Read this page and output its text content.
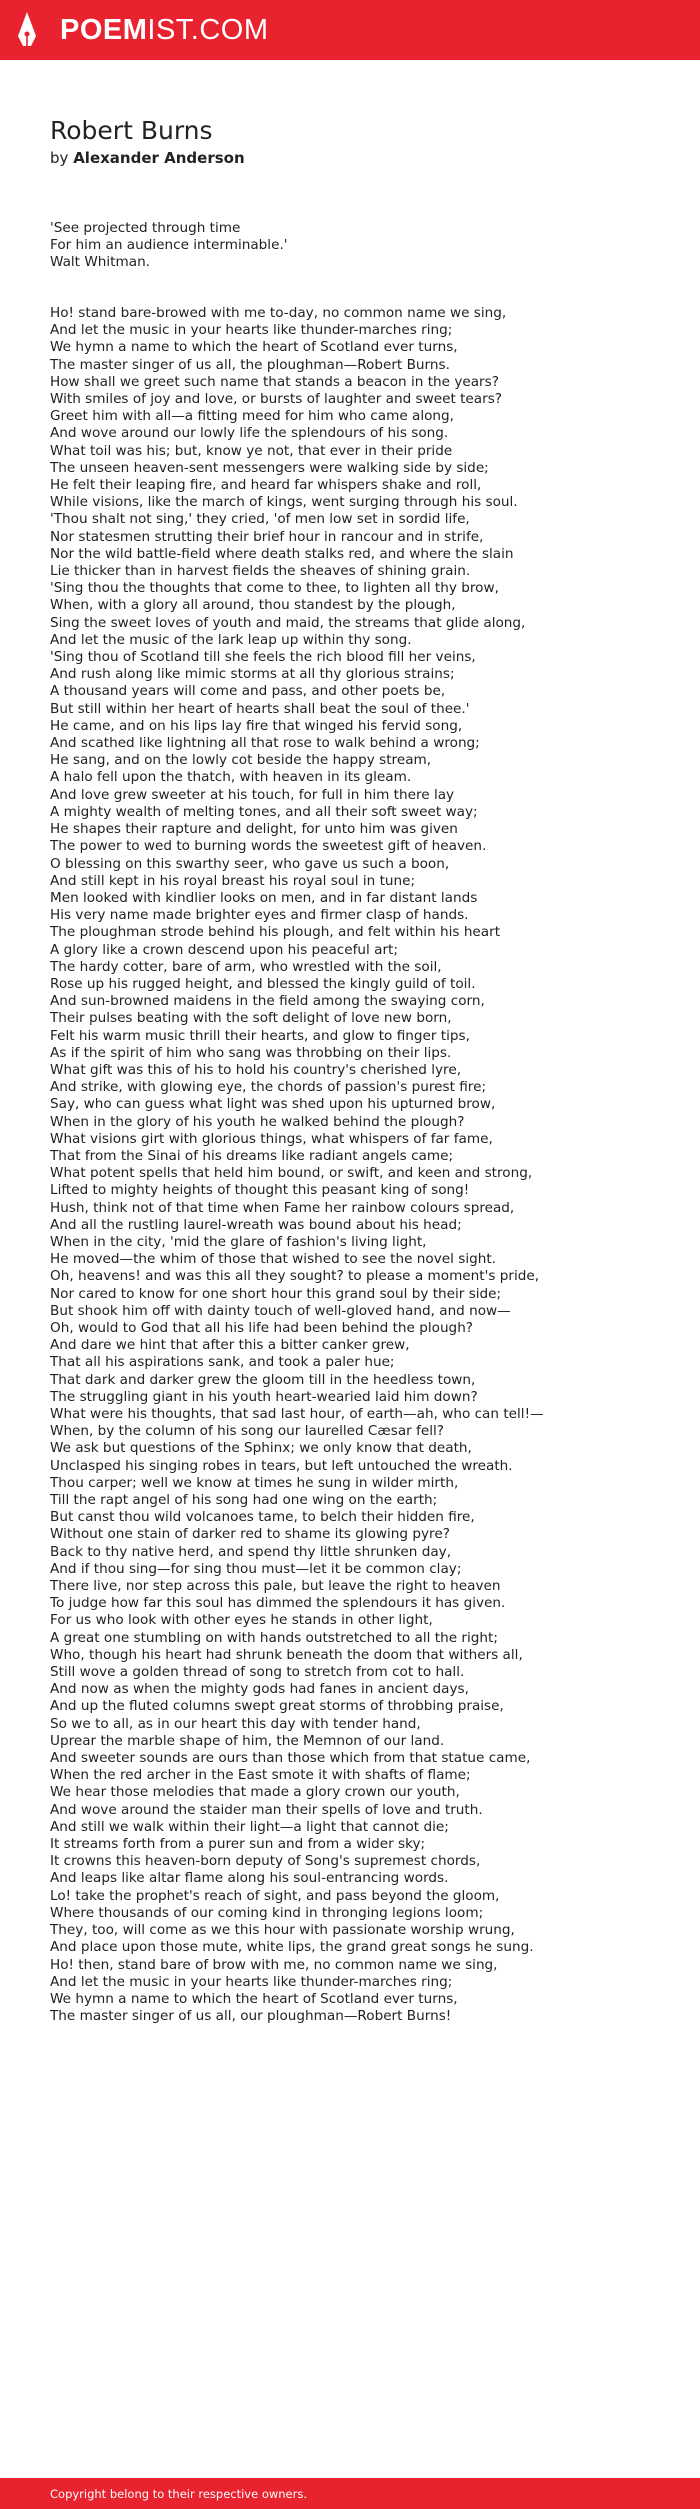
POEMIST.COM
Robert Burns

by Alexander Anderson

'See projected through time
For him an audience interminable.'
Walt Whitman.
Ho! stand bare-browed with me to-day, no common name we sing,
And let the music in your hearts like thunder-marches ring;
We hymn a name to which the heart of Scotland ever turns,
The master singer of us all, the ploughman—Robert Burns.
How shall we greet such name that stands a beacon in the years?
With smiles of joy and love, or bursts of laughter and sweet tears?
Greet him with all—a fitting meed for him who came along,
And wove around our lowly life the splendours of his song.
What toil was his; but, know ye not, that ever in their pride
The unseen heaven-sent messengers were walking side by side;
He felt their leaping fire, and heard far whispers shake and roll,
While visions, like the march of kings, went surging through his soul.
'Thou shalt not sing,' they cried, 'of men low set in sordid life,
Nor statesmen strutting their brief hour in rancour and in strife,
Nor the wild battle-field where death stalks red, and where the slain
Lie thicker than in harvest fields the sheaves of shining grain.
'Sing thou the thoughts that come to thee, to lighten all thy brow,
When, with a glory all around, thou standest by the plough,
Sing the sweet loves of youth and maid, the streams that glide along,
And let the music of the lark leap up within thy song.
'Sing thou of Scotland till she feels the rich blood fill her veins,
And rush along like mimic storms at all thy glorious strains;
A thousand years will come and pass, and other poets be,
But still within her heart of hearts shall beat the soul of thee.'
He came, and on his lips lay fire that winged his fervid song,
And scathed like lightning all that rose to walk behind a wrong;
He sang, and on the lowly cot beside the happy stream,
A halo fell upon the thatch, with heaven in its gleam.
And love grew sweeter at his touch, for full in him there lay
A mighty wealth of melting tones, and all their soft sweet way;
He shapes their rapture and delight, for unto him was given
The power to wed to burning words the sweetest gift of heaven.
O blessing on this swarthy seer, who gave us such a boon,
And still kept in his royal breast his royal soul in tune;
Men looked with kindlier looks on men, and in far distant lands
His very name made brighter eyes and firmer clasp of hands.
The ploughman strode behind his plough, and felt within his heart
A glory like a crown descend upon his peaceful art;
The hardy cotter, bare of arm, who wrestled with the soil,
Rose up his rugged height, and blessed the kingly guild of toil.
And sun-browned maidens in the field among the swaying corn,
Their pulses beating with the soft delight of love new born,
Felt his warm music thrill their hearts, and glow to finger tips,
As if the spirit of him who sang was throbbing on their lips.
What gift was this of his to hold his country's cherished lyre,
And strike, with glowing eye, the chords of passion's purest fire;
Say, who can guess what light was shed upon his upturned brow,
When in the glory of his youth he walked behind the plough?
What visions girt with glorious things, what whispers of far fame,
That from the Sinai of his dreams like radiant angels came;
What potent spells that held him bound, or swift, and keen and strong,
Lifted to mighty heights of thought this peasant king of song!
Hush, think not of that time when Fame her rainbow colours spread,
And all the rustling laurel-wreath was bound about his head;
When in the city, 'mid the glare of fashion's living light,
He moved—the whim of those that wished to see the novel sight.
Oh, heavens! and was this all they sought? to please a moment's pride,
Nor cared to know for one short hour this grand soul by their side;
But shook him off with dainty touch of well-gloved hand, and now—
Oh, would to God that all his life had been behind the plough?
And dare we hint that after this a bitter canker grew,
That all his aspirations sank, and took a paler hue;
That dark and darker grew the gloom till in the heedless town,
The struggling giant in his youth heart-wearied laid him down?
What were his thoughts, that sad last hour, of earth—ah, who can tell!—
When, by the column of his song our laurelled Cæsar fell?
We ask but questions of the Sphinx; we only know that death,
Unclasped his singing robes in tears, but left untouched the wreath.
Thou carper; well we know at times he sung in wilder mirth,
Till the rapt angel of his song had one wing on the earth;
But canst thou wild volcanoes tame, to belch their hidden fire,
Without one stain of darker red to shame its glowing pyre?
Back to thy native herd, and spend thy little shrunken day,
And if thou sing—for sing thou must—let it be common clay;
There live, nor step across this pale, but leave the right to heaven
To judge how far this soul has dimmed the splendours it has given.
For us who look with other eyes he stands in other light,
A great one stumbling on with hands outstretched to all the right;
Who, though his heart had shrunk beneath the doom that withers all,
Still wove a golden thread of song to stretch from cot to hall.
And now as when the mighty gods had fanes in ancient days,
And up the fluted columns swept great storms of throbbing praise,
So we to all, as in our heart this day with tender hand,
Uprear the marble shape of him, the Memnon of our land.
And sweeter sounds are ours than those which from that statue came,
When the red archer in the East smote it with shafts of flame;
We hear those melodies that made a glory crown our youth,
And wove around the staider man their spells of love and truth.
And still we walk within their light—a light that cannot die;
It streams forth from a purer sun and from a wider sky;
It crowns this heaven-born deputy of Song's supremest chords,
And leaps like altar flame along his soul-entrancing words.
Lo! take the prophet's reach of sight, and pass beyond the gloom,
Where thousands of our coming kind in thronging legions loom;
They, too, will come as we this hour with passionate worship wrung,
And place upon those mute, white lips, the grand great songs he sung.
Ho! then, stand bare of brow with me, no common name we sing,
And let the music in your hearts like thunder-marches ring;
We hymn a name to which the heart of Scotland ever turns,
The master singer of us all, our ploughman—Robert Burns!
Copyright belong to their respective owners.
